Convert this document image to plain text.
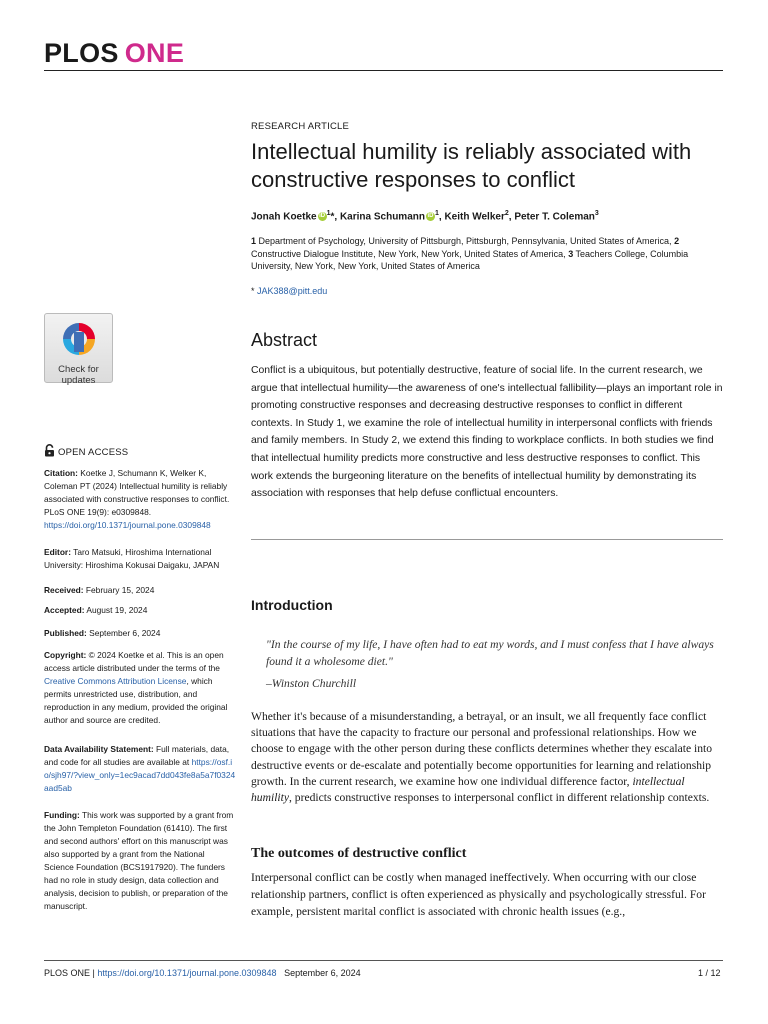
PLOS ONE
Check for
updates
OPEN ACCESS
Citation: Koetke J, Schumann K, Welker K, Coleman PT (2024) Intellectual humility is reliably associated with constructive responses to conflict. PLoS ONE 19(9): e0309848. https://doi.org/10.1371/journal.pone.0309848
Editor: Taro Matsuki, Hiroshima International University: Hiroshima Kokusai Daigaku, JAPAN
Received: February 15, 2024
Accepted: August 19, 2024
Published: September 6, 2024
Copyright: © 2024 Koetke et al. This is an open access article distributed under the terms of the Creative Commons Attribution License, which permits unrestricted use, distribution, and reproduction in any medium, provided the original author and source are credited.
Data Availability Statement: Full materials, data, and code for all studies are available at https://osf.io/sjh97/?view_only=1ec9acad7dd043fe8a5a7f0324aad5ab
Funding: This work was supported by a grant from the John Templeton Foundation (61410). The first and second authors' effort on this manuscript was also supported by a grant from the National Science Foundation (BCS1917920). The funders had no role in study design, data collection and analysis, decision to publish, or preparation of the manuscript.
RESEARCH ARTICLE
Intellectual humility is reliably associated with constructive responses to conflict
Jonah Koetke iD $^1$*, Karina Schumann iD $^1$, Keith Welker$^2$, Peter T. Coleman$^3$
1 Department of Psychology, University of Pittsburgh, Pittsburgh, Pennsylvania, United States of America, 2 Constructive Dialogue Institute, New York, New York, United States of America, 3 Teachers College, Columbia University, New York, New York, United States of America
* JAK388@pitt.edu
Abstract
Conflict is a ubiquitous, but potentially destructive, feature of social life. In the current research, we argue that intellectual humility—the awareness of one's intellectual fallibility—plays an important role in promoting constructive responses and decreasing destructive responses to conflict in different contexts. In Study 1, we examine the role of intellectual humility in interpersonal conflicts with friends and family members. In Study 2, we extend this finding to workplace conflicts. In both studies we find that intellectual humility predicts more constructive and less destructive responses to conflict. This work extends the burgeoning literature on the benefits of intellectual humility by demonstrating its association with responses that help defuse conflictual encounters.
Introduction
"In the course of my life, I have often had to eat my words, and I must confess that I have always found it a wholesome diet."
–Winston Churchill
Whether it's because of a misunderstanding, a betrayal, or an insult, we all frequently face conflict situations that have the capacity to fracture our personal and professional relationships. How we choose to engage with the other person during these conflicts determines whether they escalate into destructive events or de-escalate and potentially become opportunities for learning and relationship growth. In the current research, we examine how one individual difference factor, intellectual humility, predicts constructive responses to interpersonal conflict in different relationship contexts.
The outcomes of destructive conflict
Interpersonal conflict can be costly when managed ineffectively. When occurring with our close relationship partners, conflict is often experienced as physically and psychologically stressful. For example, persistent marital conflict is associated with chronic health issues (e.g.,
PLOS ONE | https://doi.org/10.1371/journal.pone.0309848 September 6, 2024	1 / 12
